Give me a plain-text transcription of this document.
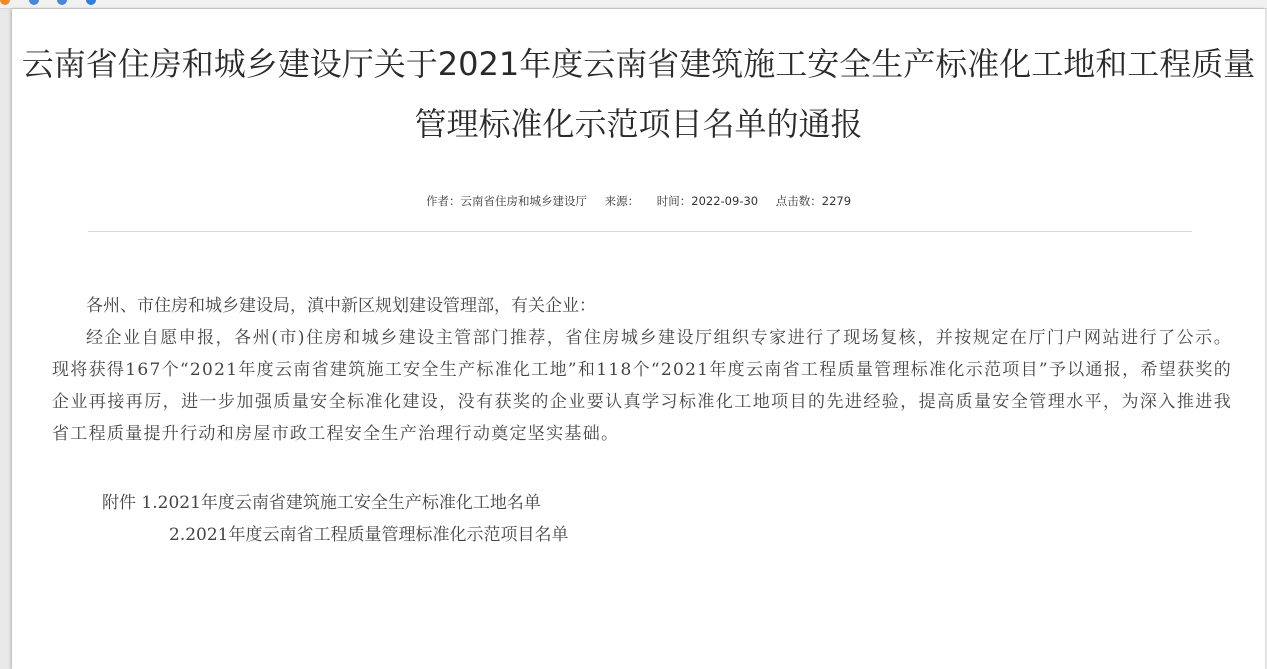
云南省住房和城乡建设厅关于2021年度云南省建筑施工安全生产标准化工地和工程质量管理标准化示范项目名单的通报
作者：云南省住房和城乡建设厅 来源： 时间：2022-09-30 点击数：2279

各州、市住房和城乡建设局，滇中新区规划建设管理部，有关企业：

经企业自愿申报，各州(市)住房和城乡建设主管部门推荐，省住房城乡建设厅组织专家进行了现场复核，并按规定在厅门户网站进行了公示。现将获得167个“2021年度云南省建筑施工安全生产标准化工地”和118个“2021年度云南省工程质量管理标准化示范项目”予以通报，希望获奖的企业再接再厉，进一步加强质量安全标准化建设，没有获奖的企业要认真学习标准化工地项目的先进经验，提高质量安全管理水平，为深入推进我省工程质量提升行动和房屋市政工程安全生产治理行动奠定坚实基础。

附件 1.2021年度云南省建筑施工安全生产标准化工地名单

2.2021年度云南省工程质量管理标准化示范项目名单
